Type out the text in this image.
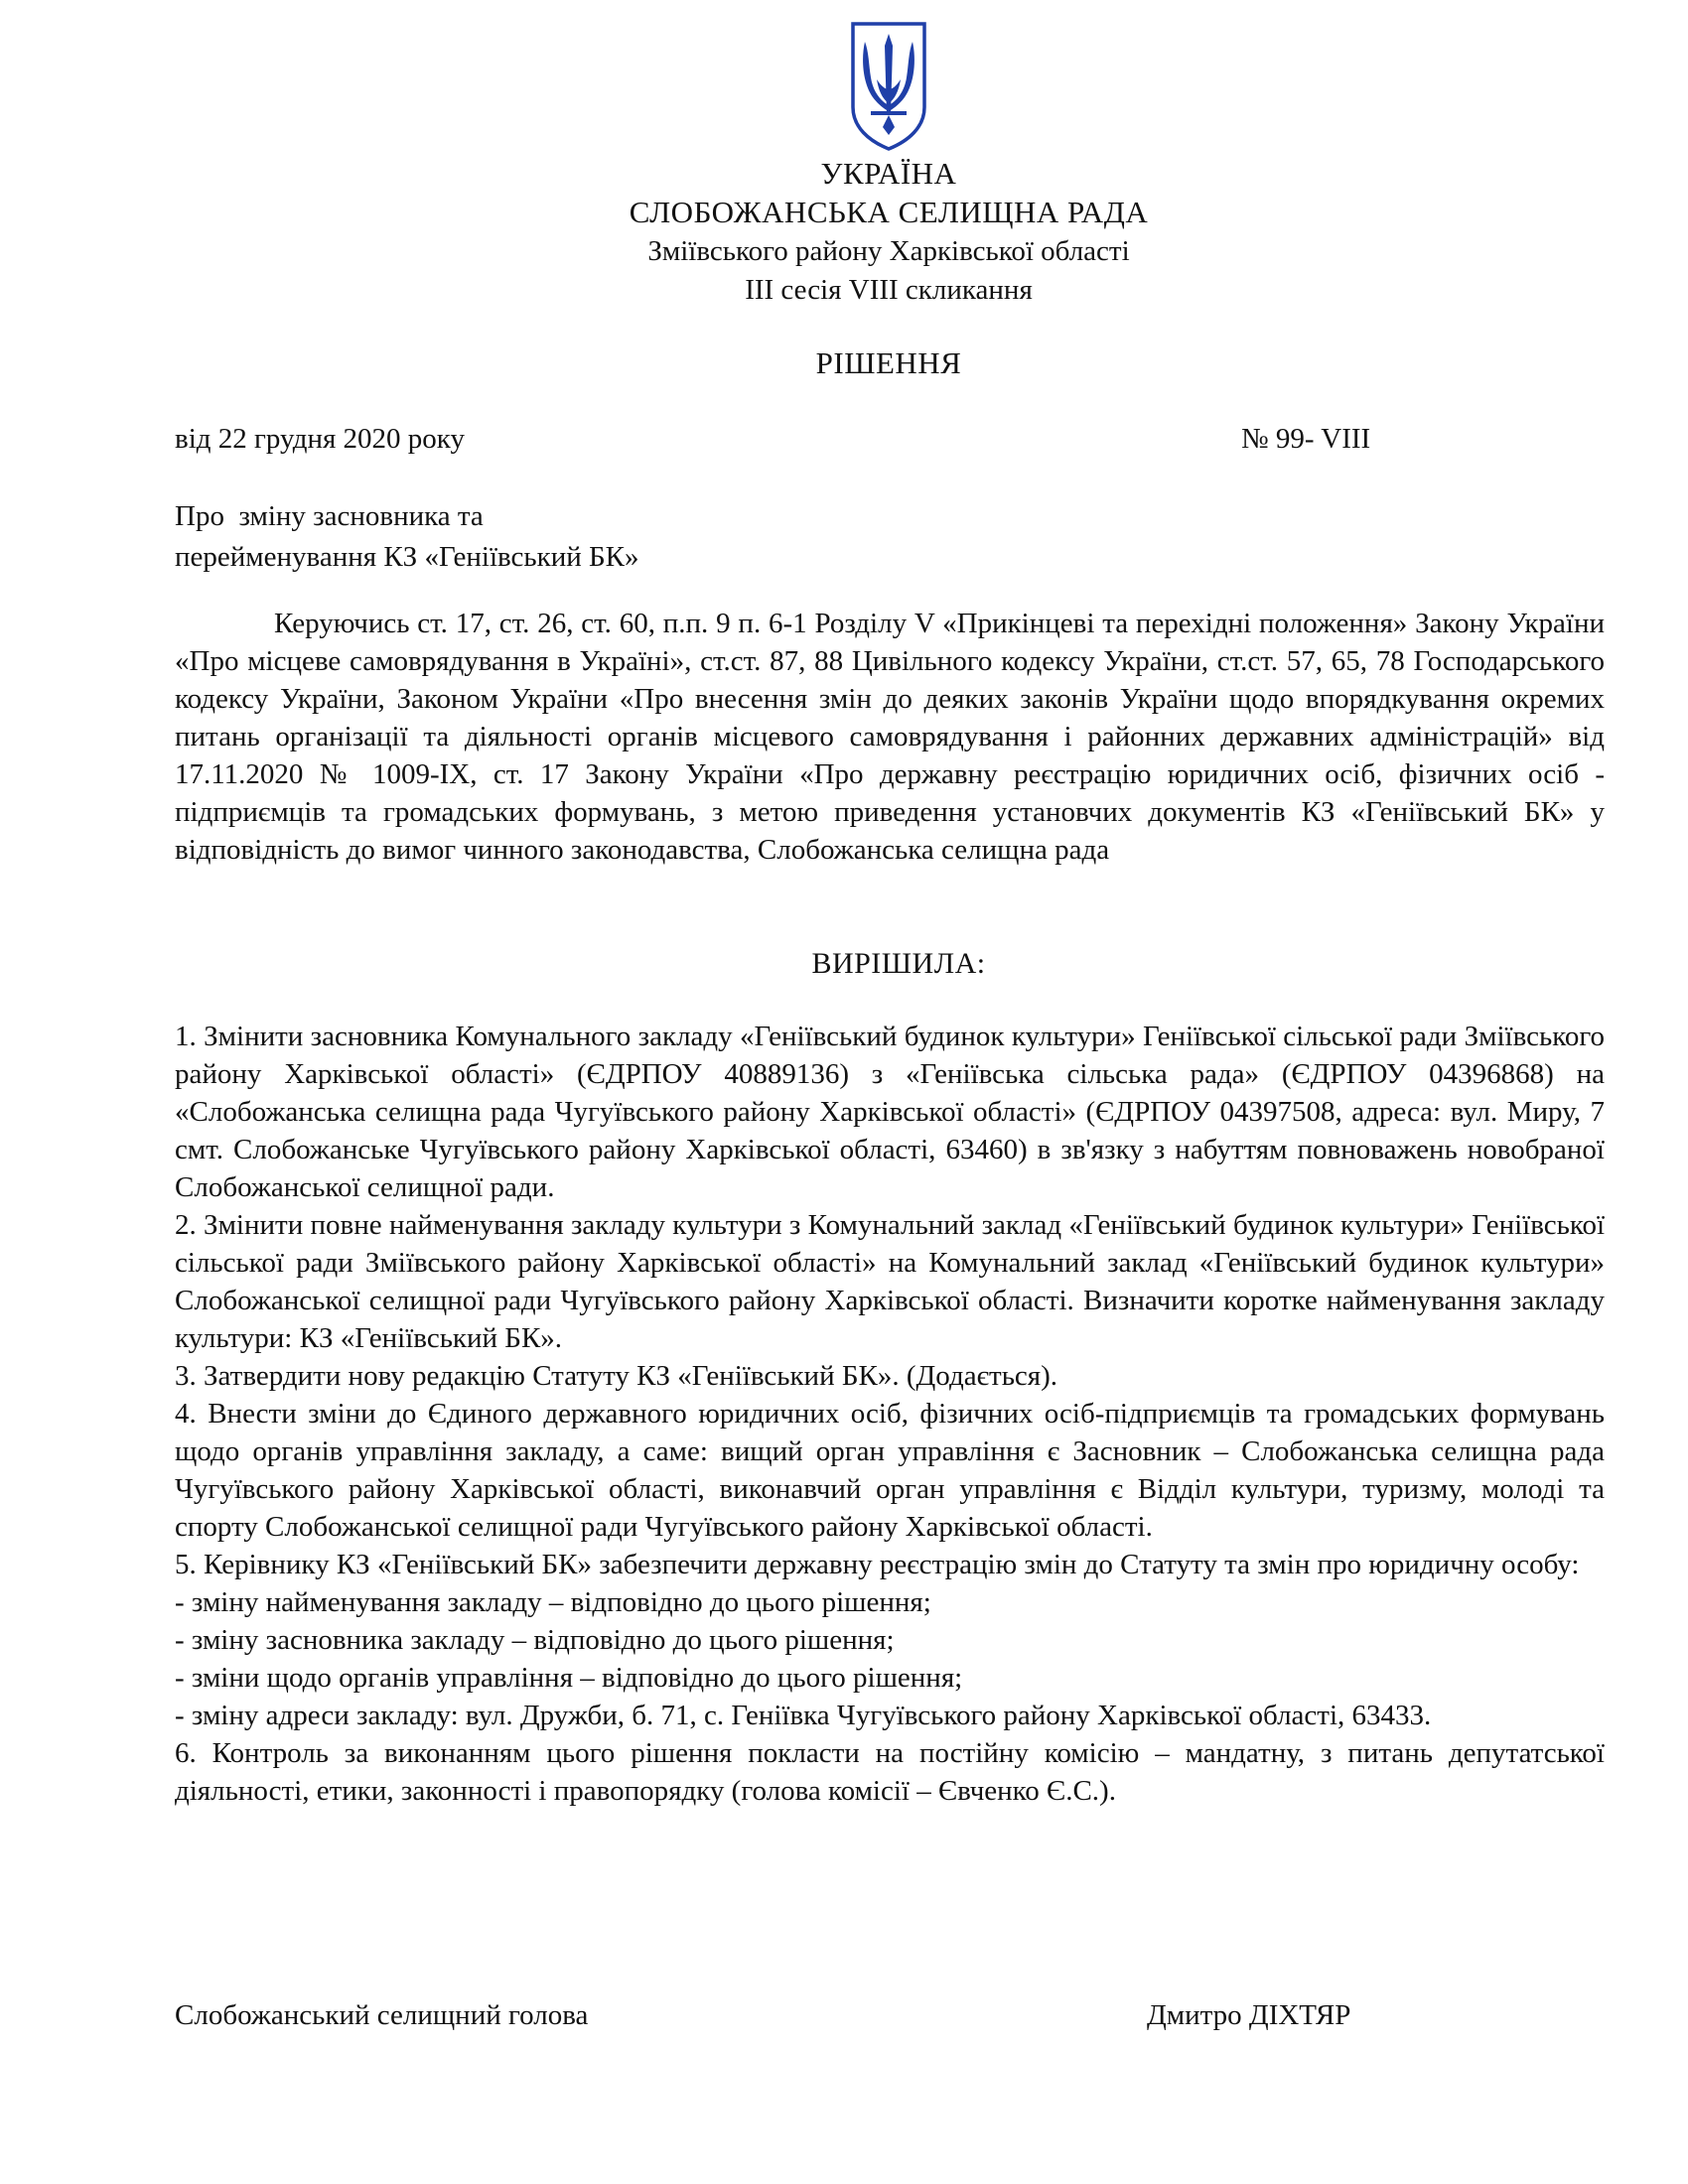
УКРАЇНА
СЛОБОЖАНСЬКА СЕЛИЩНА РАДА
Зміївського району Харківської області
ІІІ сесія VIІІ скликання
РІШЕННЯ
від 22 грудня 2020 року	№ 99- VIII
Про  зміну засновника та
перейменування КЗ «Геніївський БК»

Керуючись ст. 17, ст. 26, ст. 60, п.п. 9 п. 6-1 Розділу V «Прикінцеві та перехідні положення» Закону України «Про місцеве самоврядування в Україні», ст.ст. 87, 88 Цивільного кодексу України, ст.ст. 57, 65, 78 Господарського кодексу України, Законом України «Про внесення змін до деяких законів України щодо впорядкування окремих питань організації та діяльності органів місцевого самоврядування і районних державних адміністрацій» від 17.11.2020 № 1009-IX, ст. 17 Закону України «Про державну реєстрацію юридичних осіб, фізичних осіб - підприємців та громадських формувань, з метою приведення установчих документів КЗ «Геніївський БК» у відповідність до вимог чинного законодавства, Слобожанська селищна рада

ВИРІШИЛА:

1. Змінити засновника Комунального закладу «Геніївський будинок культури» Геніївської сільської ради Зміївського району Харківської області» (ЄДРПОУ 40889136) з «Геніївська сільська рада» (ЄДРПОУ 04396868) на «Слобожанська селищна рада Чугуївського району Харківської області» (ЄДРПОУ 04397508, адреса: вул. Миру, 7 смт. Слобожанське Чугуївського району Харківської області, 63460) в зв'язку з набуттям повноважень новобраної Слобожанської селищної ради.

2. Змінити повне найменування закладу культури з Комунальний заклад «Геніївський будинок культури» Геніївської сільської ради Зміївського району Харківської області» на Комунальний заклад «Геніївський будинок культури» Слобожанської селищної ради Чугуївського району Харківської області. Визначити коротке найменування закладу культури: КЗ «Геніївський БК».

3. Затвердити нову редакцію Статуту КЗ «Геніївський БК». (Додається).

4. Внести зміни до Єдиного державного юридичних осіб, фізичних осіб-підприємців та громадських формувань щодо органів управління закладу, а саме: вищий орган управління є Засновник – Слобожанська селищна рада Чугуївського району Харківської області, виконавчий орган управління є Відділ культури, туризму, молоді та спорту Слобожанської селищної ради Чугуївського району Харківської області.

5. Керівнику КЗ «Геніївський БК» забезпечити державну реєстрацію змін до Статуту та змін про юридичну особу:

- зміну найменування закладу – відповідно до цього рішення;

- зміну засновника закладу – відповідно до цього рішення;

- зміни щодо органів управління – відповідно до цього рішення;

- зміну адреси закладу: вул. Дружби, б. 71, с. Геніївка Чугуївського району Харківської області, 63433.

6. Контроль за виконанням цього рішення покласти на постійну комісію – мандатну, з питань депутатської діяльності, етики, законності і правопорядку (голова комісії – Євченко Є.С.).

Слобожанський селищний голова	Дмитро ДІХТЯР
